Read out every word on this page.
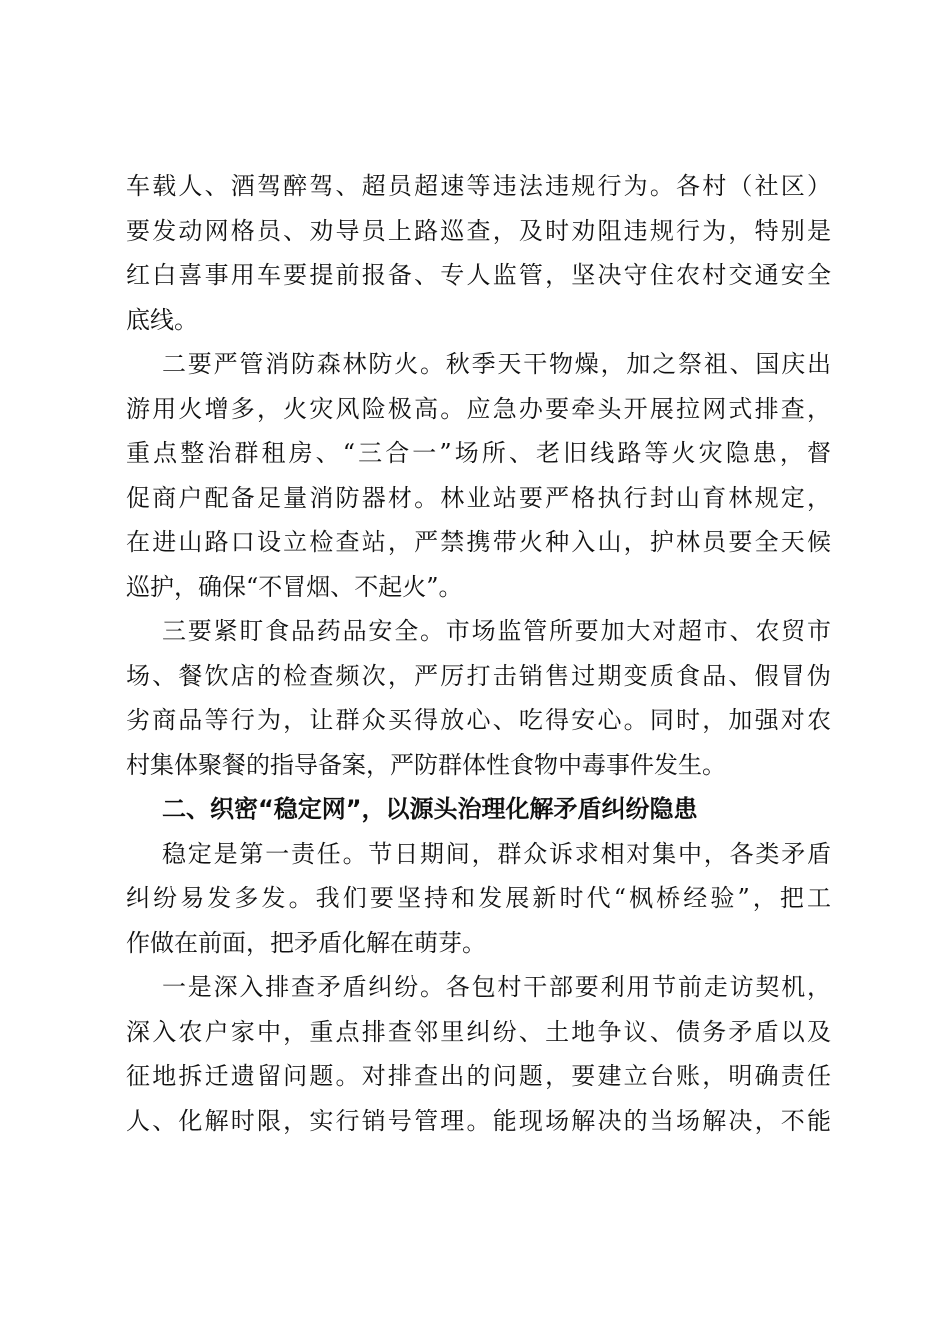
车载人、酒驾醉驾、超员超速等违法违规行为。各村（社区）
要发动网格员、劝导员上路巡查，及时劝阻违规行为，特别是
红白喜事用车要提前报备、专人监管，坚决守住农村交通安全
底线。
二要严管消防森林防火。秋季天干物燥，加之祭祖、国庆出
游用火增多，火灾风险极高。应急办要牵头开展拉网式排查，
重点整治群租房、“三合一”场所、老旧线路等火灾隐患，督
促商户配备足量消防器材。林业站要严格执行封山育林规定，
在进山路口设立检查站，严禁携带火种入山，护林员要全天候
巡护，确保“不冒烟、不起火”。
三要紧盯食品药品安全。市场监管所要加大对超市、农贸市
场、餐饮店的检查频次，严厉打击销售过期变质食品、假冒伪
劣商品等行为，让群众买得放心、吃得安心。同时，加强对农
村集体聚餐的指导备案，严防群体性食物中毒事件发生。
二、织密“稳定网”，以源头治理化解矛盾纠纷隐患
稳定是第一责任。节日期间，群众诉求相对集中，各类矛盾
纠纷易发多发。我们要坚持和发展新时代“枫桥经验”，把工
作做在前面，把矛盾化解在萌芽。
一是深入排查矛盾纠纷。各包村干部要利用节前走访契机，
深入农户家中，重点排查邻里纠纷、土地争议、债务矛盾以及
征地拆迁遗留问题。对排查出的问题，要建立台账，明确责任
人、化解时限，实行销号管理。能现场解决的当场解决，不能
